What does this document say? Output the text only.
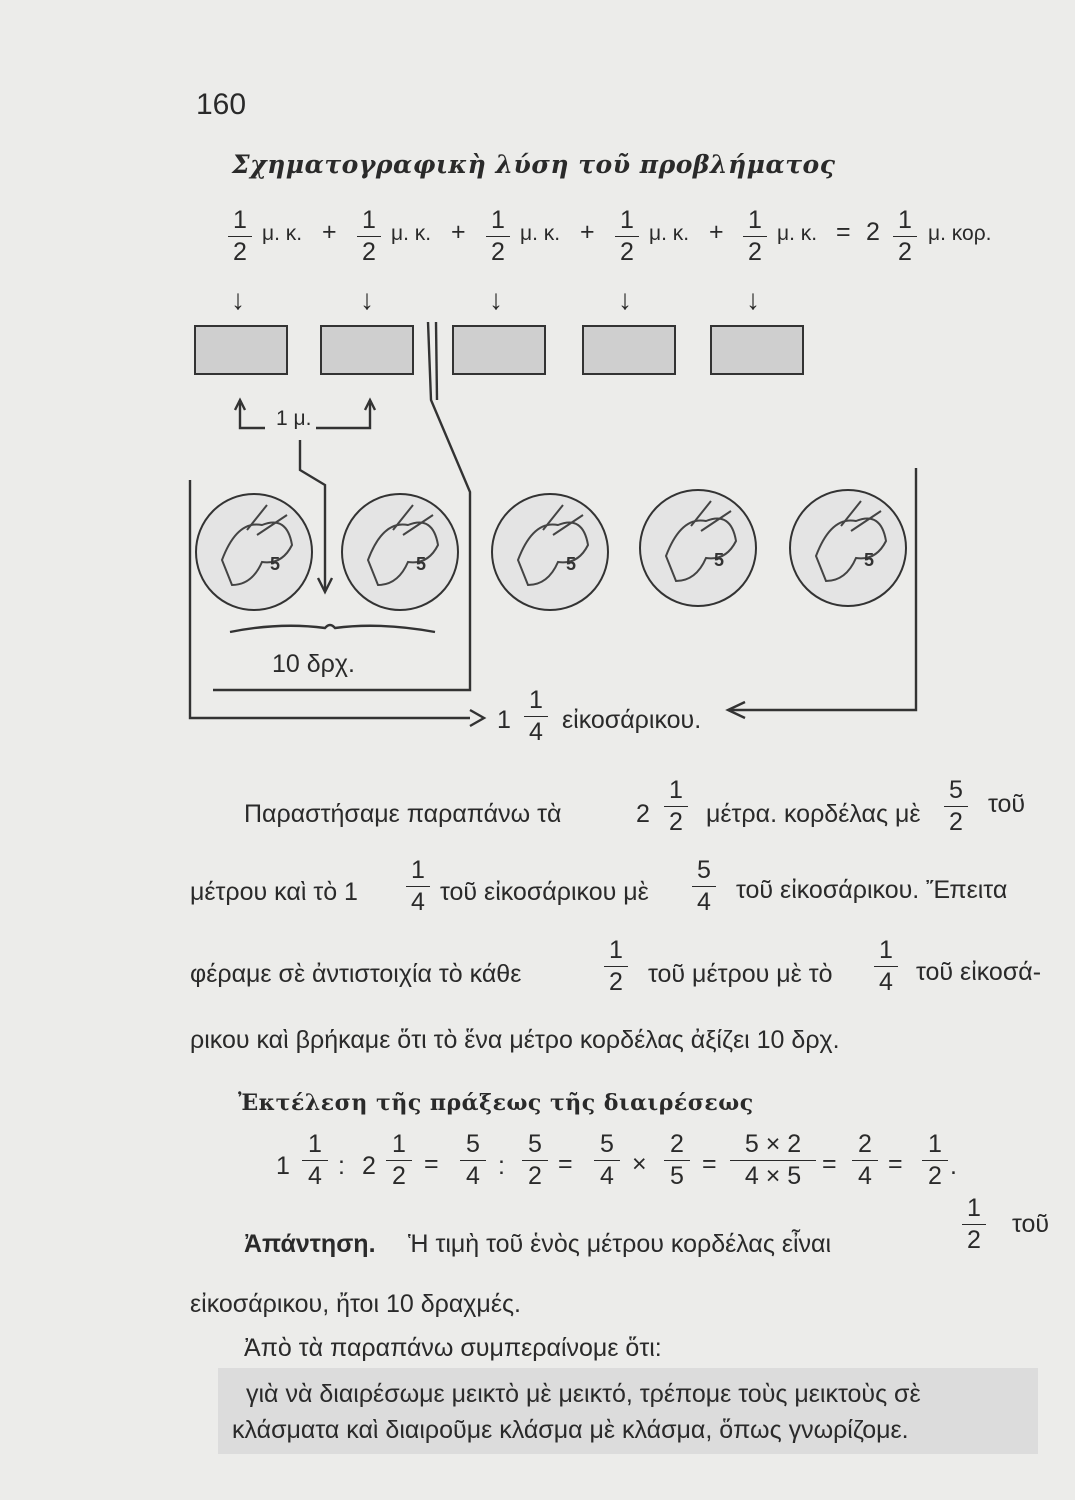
160
Σχηματογραφικὴ λύση τοῦ προβλήματος
1
2
μ. κ. + 1
2
μ. κ. + 1
2
μ. κ. + 1
2
μ. κ. + 1
2
μ. κ. = 2 1
2
μ. κορ.
↓	↓	↓	↓	↓
1 μ.
5	5	5	5	5
10 δρχ.
1
1
4 εἰκοσάρικου.
Παραστήσαμε παραπάνω τὰ	2
1
2 μέτρα. κορδέλας μὲ
5
2
τοῦ
μέτρου καὶ τὸ 1
1
4 τοῦ εἰκοσάρικου μὲ
5
4 τοῦ εἰκοσάρικου. Ἔπειτα
φέραμε σὲ ἀντιστοιχία τὸ κάθε
1
2 τοῦ μέτρου μὲ τὸ
1
4 τοῦ εἰκοσά-
ρικου καὶ βρήκαμε ὅτι τὸ ἕνα μέτρο κορδέλας ἀξίζει 10 δρχ.
Ἐκτέλεση τῆς πράξεως τῆς διαιρέσεως
1
1
4 : 2
1
2 =
5
4 :
5
2 =
5
4 ×
2
5 =
5 × 2
4 × 5 =
2
4 =
1
2 .
Ἀπάντηση. Ἡ τιμὴ τοῦ ἑνὸς μέτρου κορδέλας εἶναι
1
2
τοῦ
εἰκοσάρικου, ἤτοι 10 δραχμές.
Ἀπὸ τὰ παραπάνω συμπεραίνομε ὅτι:
γιὰ νὰ διαιρέσωμε μεικτὸ μὲ μεικτό, τρέπομε τοὺς μεικτοὺς σὲ
κλάσματα καὶ διαιροῦμε κλάσμα μὲ κλάσμα, ὅπως γνωρίζομε.
